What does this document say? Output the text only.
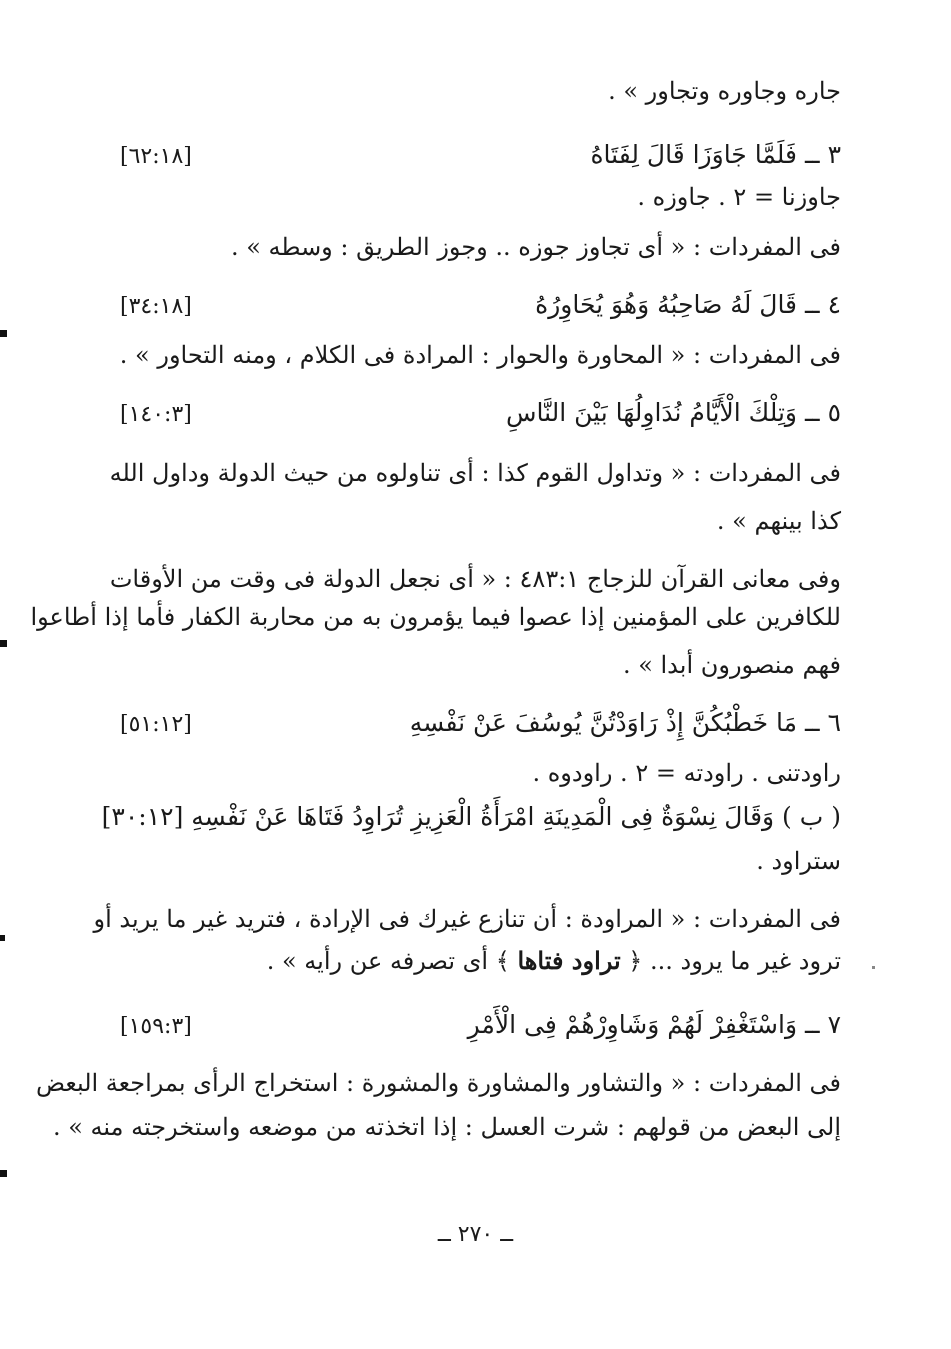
جاره وجاوره وتجاور » .
٣ ــ فَلَمَّا جَاوَزَا قَالَ لِفَتَاهُ
[٦٢:١٨]
جاوزنا = ٢ . جاوزه .
فى المفردات : « أى تجاوز جوزه .. وجوز الطريق : وسطه » .
٤ ــ قَالَ لَهُ صَاحِبُهُ وَهُوَ يُحَاوِرُهُ
[٣٤:١٨]
فى المفردات : « المحاورة والحوار : المرادة فى الكلام ، ومنه التحاور » .
٥ ــ وَتِلْكَ الْأَيَّامُ نُدَاوِلُهَا بَيْنَ النَّاسِ
[١٤٠:٣]
فى المفردات : « وتداول القوم كذا : أى تناولوه من حيث الدولة وداول الله
كذا بينهم » .
وفى معانى القرآن للزجاج ٤٨٣:١ : « أى نجعل الدولة فى وقت من الأوقات
للكافرين على المؤمنين إذا عصوا فيما يؤمرون به من محاربة الكفار فأما إذا أطاعوا
فهم منصورون أبدا » .
٦ ــ مَا خَطْبُكُنَّ إِذْ رَاوَدْتُنَّ يُوسُفَ عَنْ نَفْسِهِ
[٥١:١٢]
راودتنى . راودته = ٢ . راودوه .
( ب ) وَقَالَ نِسْوَةٌ فِى الْمَدِينَةِ امْرَأَةُ الْعَزِيزِ تُرَاوِدُ فَتَاهَا عَنْ نَفْسِهِ [٣٠:١٢]
ستراود .
فى المفردات : « المراودة : أن تنازع غيرك فى الإرادة ، فتريد غير ما يريد أو
ترود غير ما يرود ... ﴿ تراود فتاها ﴾ أى تصرفه عن رأيه » .
٧ ــ وَاسْتَغْفِرْ لَهُمْ وَشَاوِرْهُمْ فِى الْأَمْرِ
[١٥٩:٣]
فى المفردات : « والتشاور والمشاورة والمشورة : استخراج الرأى بمراجعة البعض
إلى البعض من قولهم : شرت العسل : إذا اتخذته من موضعه واستخرجته منه » .
ــ ٢٧٠ ــ
